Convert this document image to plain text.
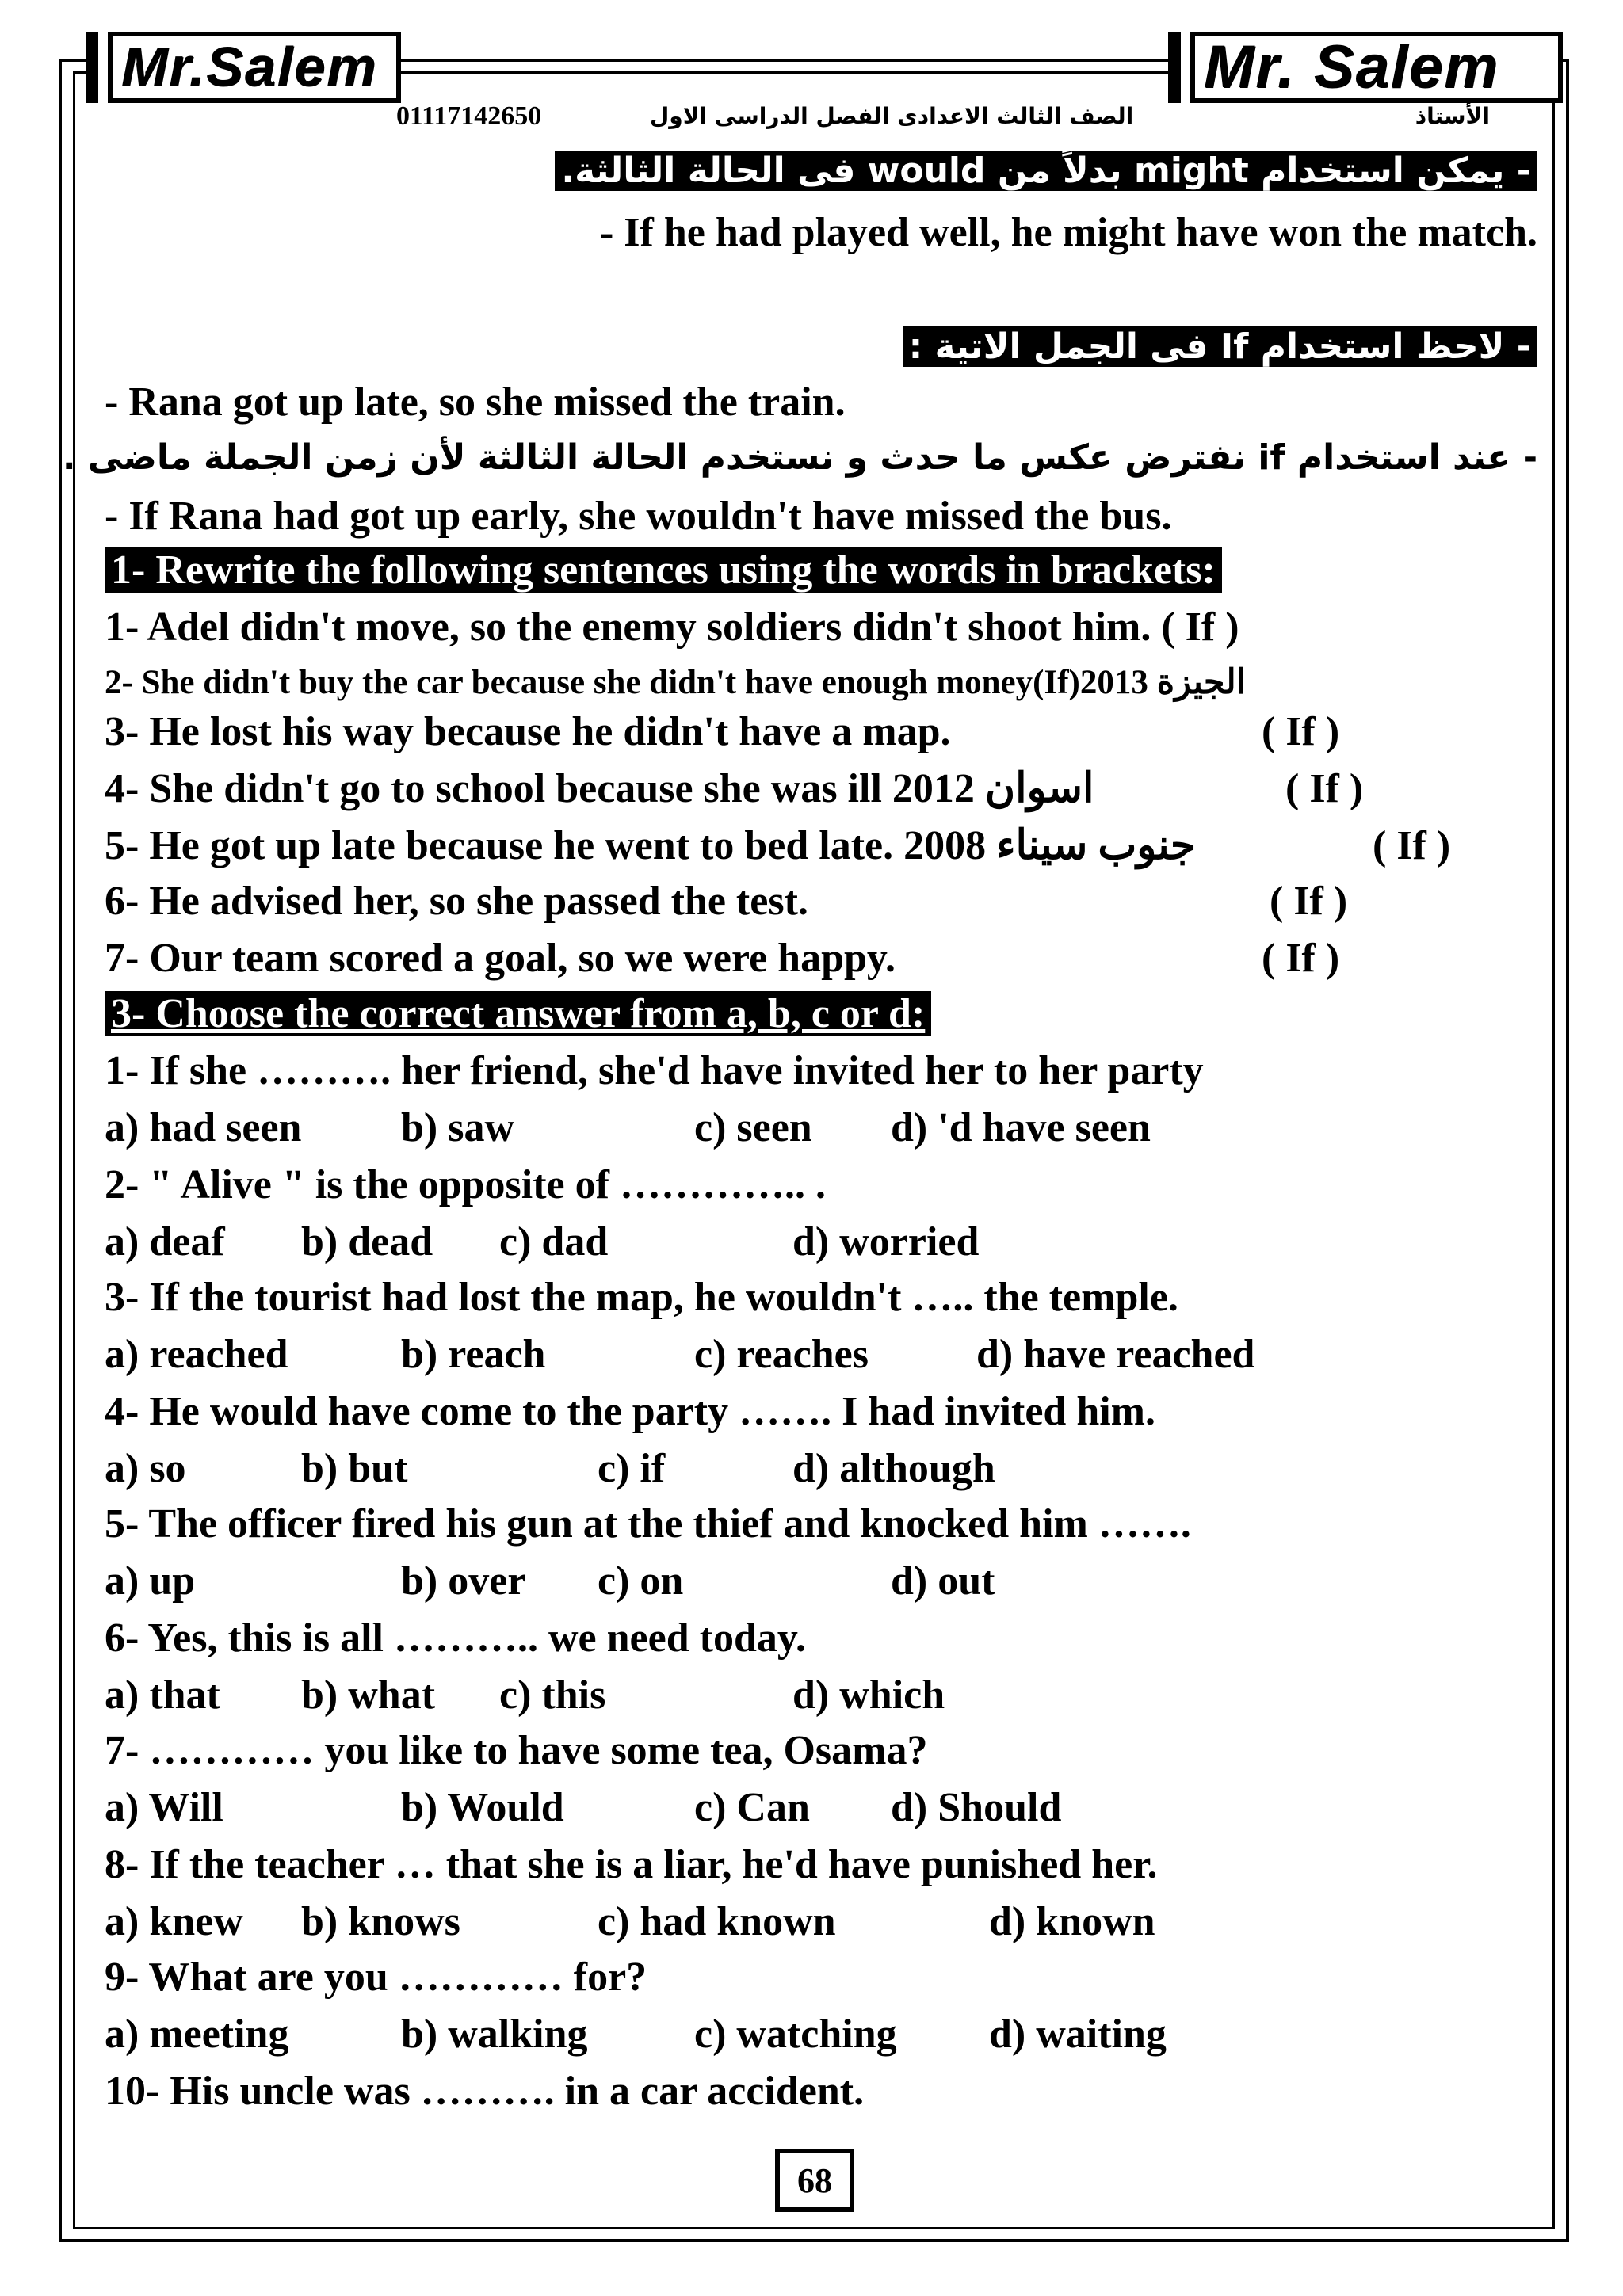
Mr.Salem	Mr. Salem
01117142650	الصف الثالث الاعدادى الفصل الدراسى الاول	الأستاذ
- يمكن استخدام might بدلاً من would فى الحالة الثالثة.
.If he had played well, he might have won the match -
- لاحظ استخدام If فى الجمل الاتية :
- Rana got up late, so she missed the train.
- عند استخدام if نفترض عكس ما حدث و نستخدم الحالة الثالثة لأن زمن الجملة ماضى .
- If Rana had got up early, she wouldn't have missed the bus.
1- Rewrite the following sentences using the words in brackets:
1- Adel didn't move, so the enemy soldiers didn't shoot him. ( If )
2- She didn't buy the car because she didn't have enough money(If)2013 الجيزة
3- He lost his way because he didn't have a map.	( If )
4- She didn't go to school because she was ill 2012 اسوان	( If )
5- He got up late because he went to bed late. 2008 جنوب سيناء	( If )
6- He advised her, so she passed the test.	( If )
7- Our team scored a goal, so we were happy.	( If )
3- Choose the correct answer from a, b, c or d:
1- If she ………. her friend, she'd have invited her to her party
a) had seen b) saw	c) seen d) 'd have seen
2- " Alive " is the opposite of ………….. .
a) deaf b) dead c) dad	d) worried
3- If the tourist had lost the map, he wouldn't ….. the temple.
a) reached	b) reach	c) reaches	d) have reached
4- He would have come to the party ……. I had invited him.
a) so	b) but	c) if	d) although
5- The officer fired his gun at the thief and knocked him …….
a) up	b) over c) on	d) out
6- Yes, this is all ……….. we need today.
a) that b) what c) this	d) which
7- ………… you like to have some tea, Osama?
a) Will	b) Would	c) Can d) Should
8- If the teacher … that she is a liar, he'd have punished her.
a) knew b) knows	c) had known	d) known
9- What are you ………… for?
a) meeting	b) walking	c) watching d) waiting
10- His uncle was ………. in a car accident.
68
